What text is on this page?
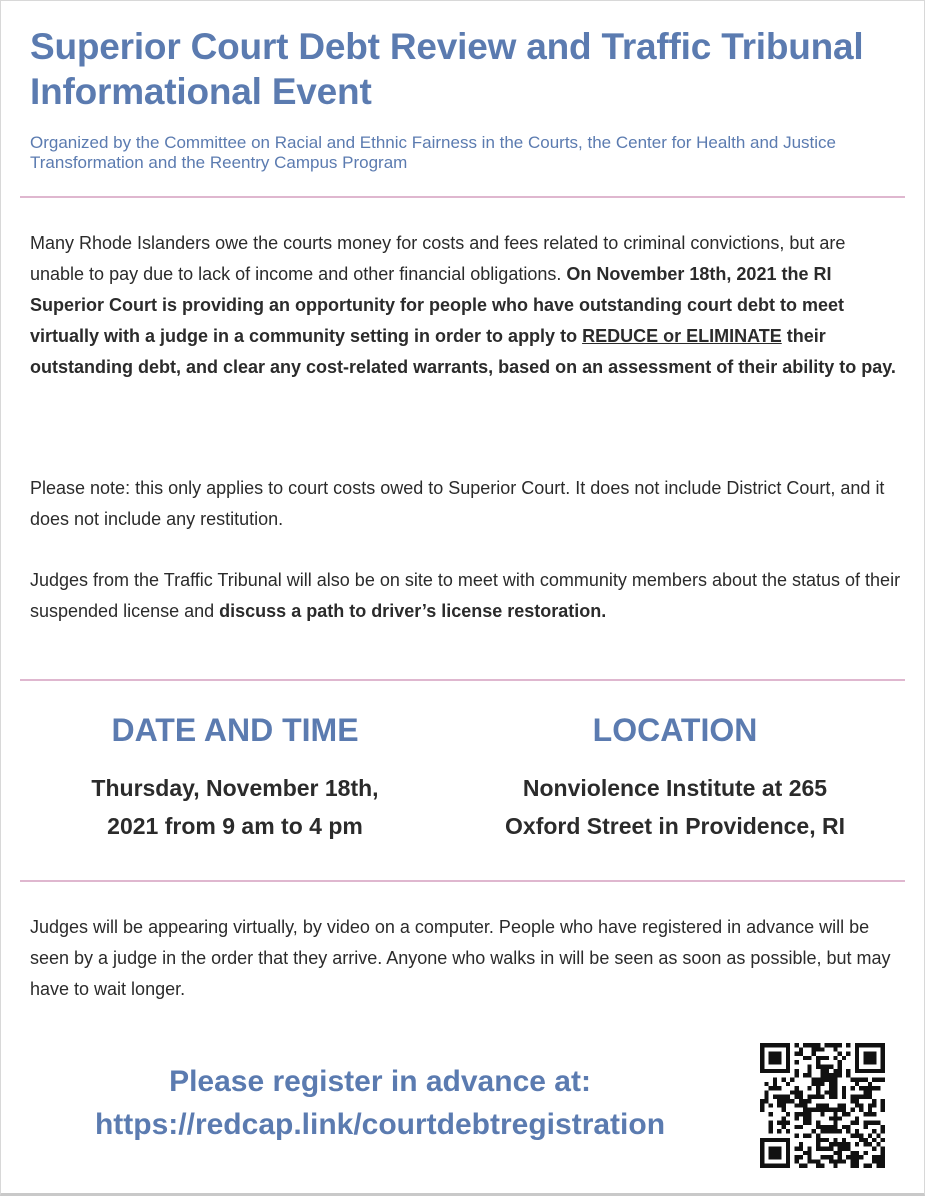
Superior Court Debt Review and Traffic Tribunal Informational Event

Organized by the Committee on Racial and Ethnic Fairness in the Courts, the Center for Health and Justice Transformation and the Reentry Campus Program

Many Rhode Islanders owe the courts money for costs and fees related to criminal convictions, but are unable to pay due to lack of income and other financial obligations. On November 18th, 2021 the RI Superior Court is providing an opportunity for people who have outstanding court debt to meet virtually with a judge in a community setting in order to apply to REDUCE or ELIMINATE their outstanding debt, and clear any cost-related warrants, based on an assessment of their ability to pay.

Please note: this only applies to court costs owed to Superior Court. It does not include District Court, and it does not include any restitution.

Judges from the Traffic Tribunal will also be on site to meet with community members about the status of their suspended license and discuss a path to driver’s license restoration.

DATE AND TIME

Thursday, November 18th,
2021 from 9 am to 4 pm

LOCATION

Nonviolence Institute at 265
Oxford Street in Providence, RI

Judges will be appearing virtually, by video on a computer. People who have registered in advance will be seen by a judge in the order that they arrive. Anyone who walks in will be seen as soon as possible, but may have to wait longer.

Please register in advance at:
https://redcap.link/courtdebtregistration
